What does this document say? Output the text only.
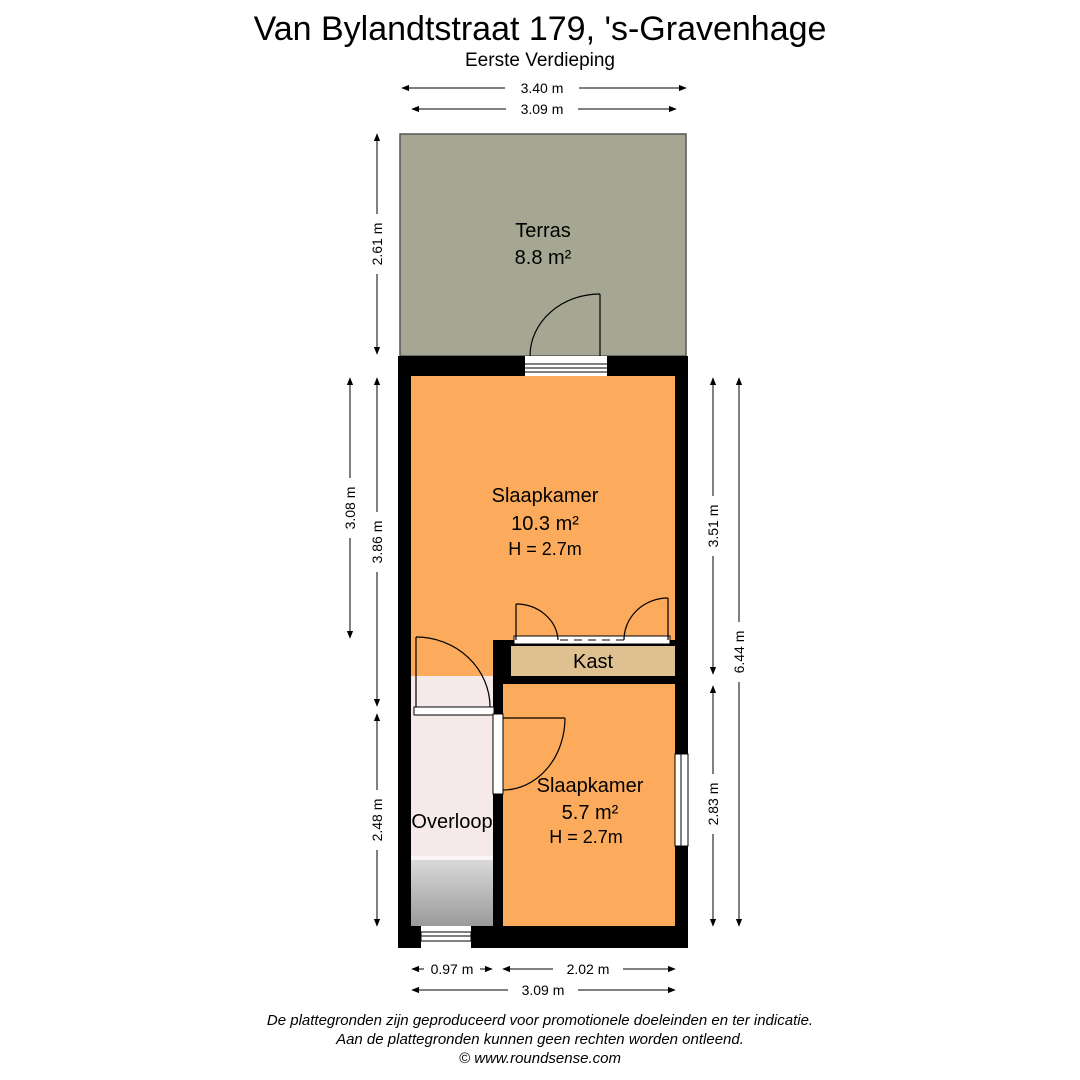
Van Bylandtstraat 179, 's-Gravenhage
Eerste Verdieping
Terras
8.8 m²
Slaapkamer
10.3 m²
H = 2.7m
Kast
Slaapkamer
5.7 m²
H = 2.7m
Overloop
3.40 m
3.09 m
2.61 m
3.08 m
3.86 m
2.48 m
3.51 m
6.44 m
2.83 m
0.97 m	2.02 m
3.09 m
De plattegronden zijn geproduceerd voor promotionele doeleinden en ter indicatie.
Aan de plattegronden kunnen geen rechten worden ontleend.
© www.roundsense.com
